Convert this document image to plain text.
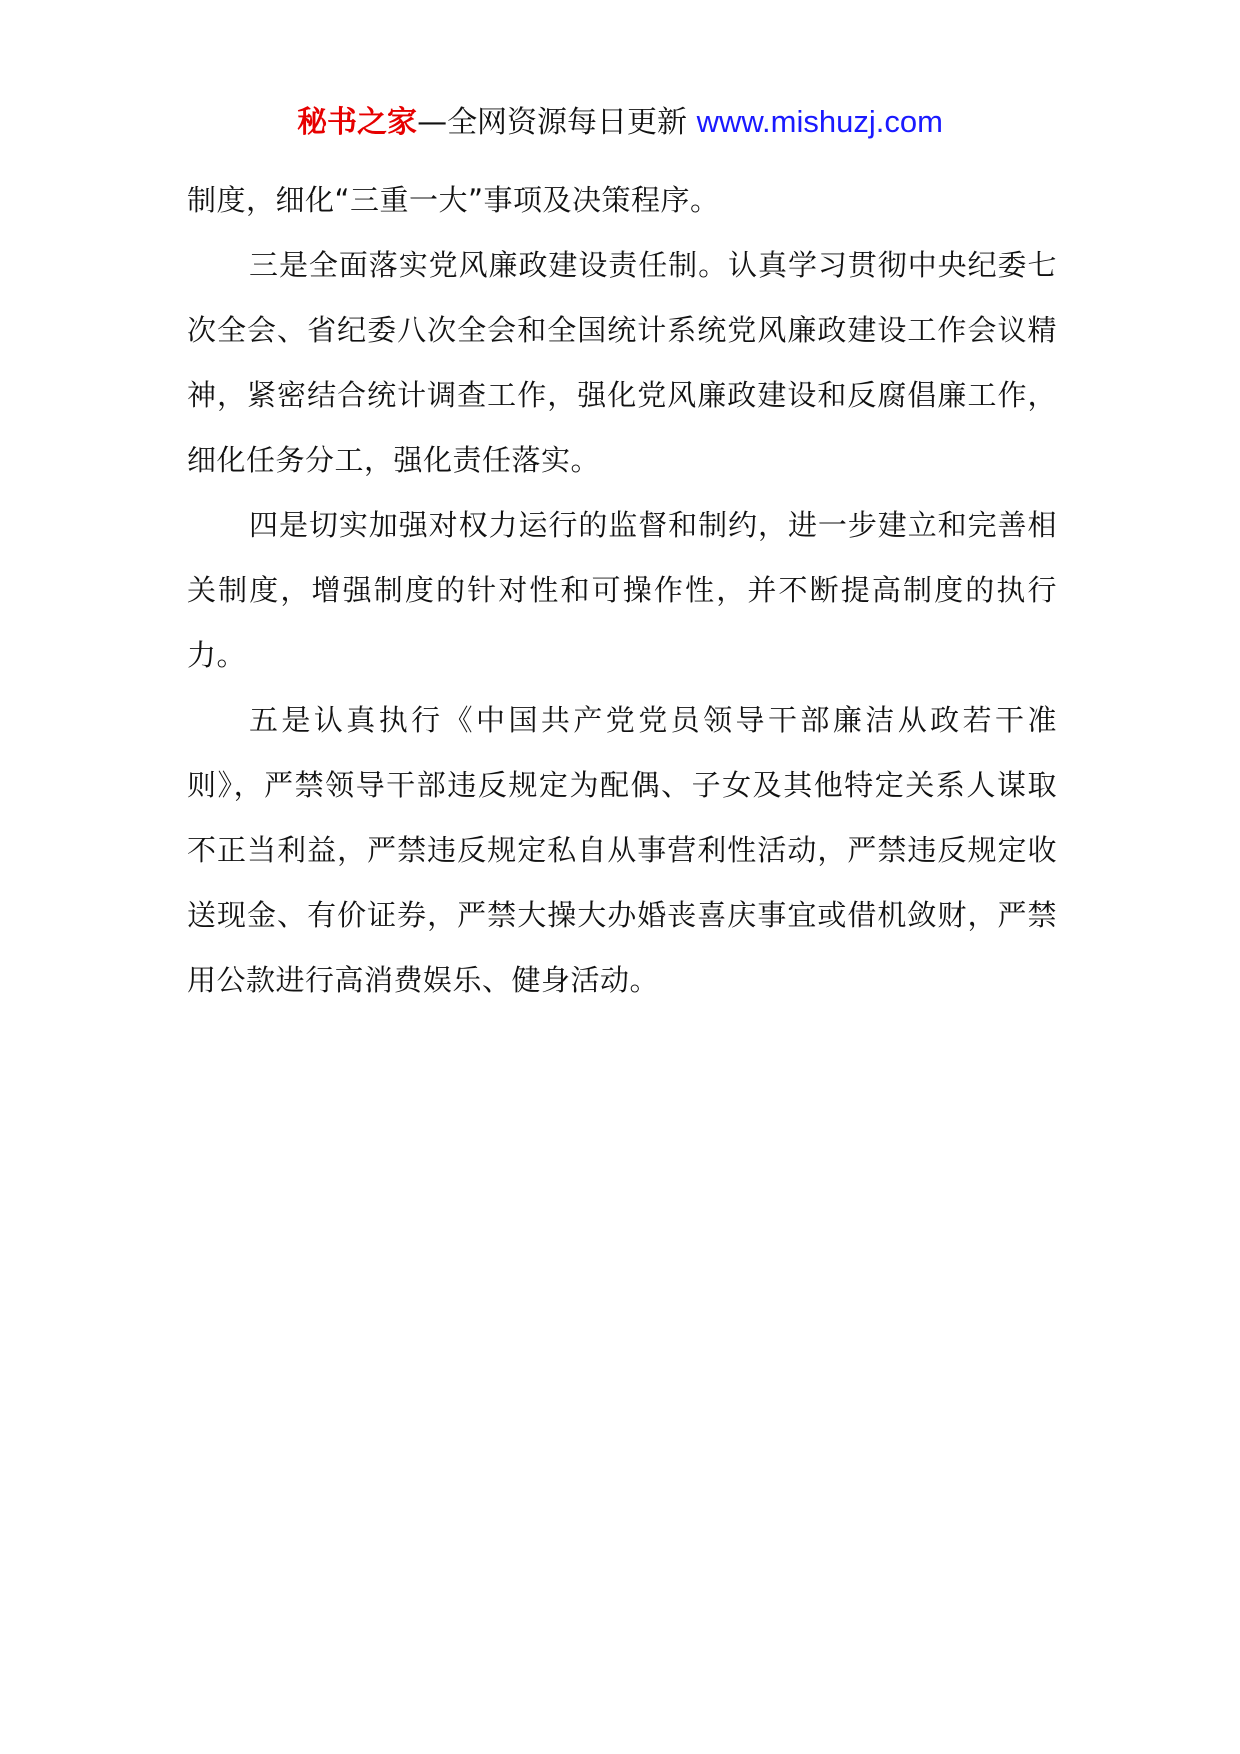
秘书之家—全网资源每日更新 www.mishuzj.com

制度，细化“三重一大”事项及决策程序。

三是全面落实党风廉政建设责任制。认真学习贯彻中央纪委七次全会、省纪委八次全会和全国统计系统党风廉政建设工作会议精神，紧密结合统计调查工作，强化党风廉政建设和反腐倡廉工作，细化任务分工，强化责任落实。

四是切实加强对权力运行的监督和制约，进一步建立和完善相关制度，增强制度的针对性和可操作性，并不断提高制度的执行力。

五是认真执行《中国共产党党员领导干部廉洁从政若干准则》，严禁领导干部违反规定为配偶、子女及其他特定关系人谋取不正当利益，严禁违反规定私自从事营利性活动，严禁违反规定收送现金、有价证券，严禁大操大办婚丧喜庆事宜或借机敛财，严禁用公款进行高消费娱乐、健身活动。
